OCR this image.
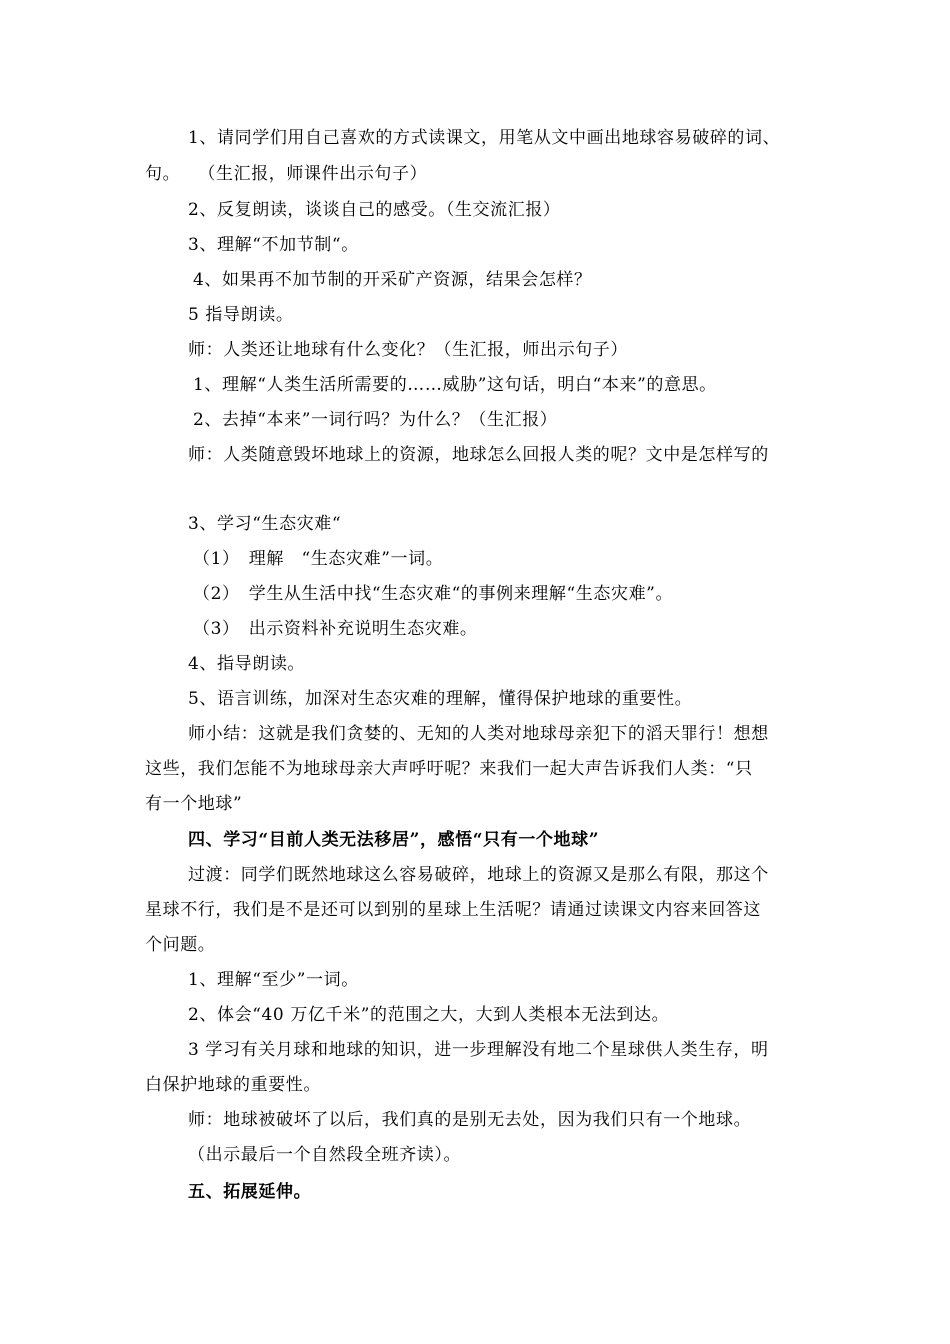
1、请同学们用自己喜欢的方式读课文，用笔从文中画出地球容易破碎的词、

句。　　（生汇报，师课件出示句子）

2、反复朗读，谈谈自己的感受。（生交流汇报）

3、理解“不加节制“。

4、如果再不加节制的开采矿产资源，结果会怎样？

5 指导朗读。

师：人类还让地球有什么变化？（生汇报，师出示句子）

1、理解“人类生活所需要的……威胁”这句话，明白“本来”的意思。

2、去掉“本来”一词行吗？为什么？（生汇报）

师：人类随意毁坏地球上的资源，地球怎么回报人类的呢？文中是怎样写的

3、学习“生态灾难“

（1）　理解　“生态灾难”一词。

（2）　学生从生活中找“生态灾难“的事例来理解“生态灾难”。

（3）　出示资料补充说明生态灾难。

4、指导朗读。

5、语言训练，加深对生态灾难的理解，懂得保护地球的重要性。

师小结：这就是我们贪婪的、无知的人类对地球母亲犯下的滔天罪行！想想

这些，我们怎能不为地球母亲大声呼吁呢？来我们一起大声告诉我们人类：“只

有一个地球”

四、学习“目前人类无法移居”，感悟“只有一个地球”

过渡：同学们既然地球这么容易破碎，地球上的资源又是那么有限，那这个

星球不行，我们是不是还可以到别的星球上生活呢？请通过读课文内容来回答这

个问题。

1、理解“至少”一词。

2、体会“40 万亿千米”的范围之大，大到人类根本无法到达。

3 学习有关月球和地球的知识，进一步理解没有地二个星球供人类生存，明

白保护地球的重要性。

师：地球被破坏了以后，我们真的是别无去处，因为我们只有一个地球。

（出示最后一个自然段全班齐读）。

五、拓展延伸。
